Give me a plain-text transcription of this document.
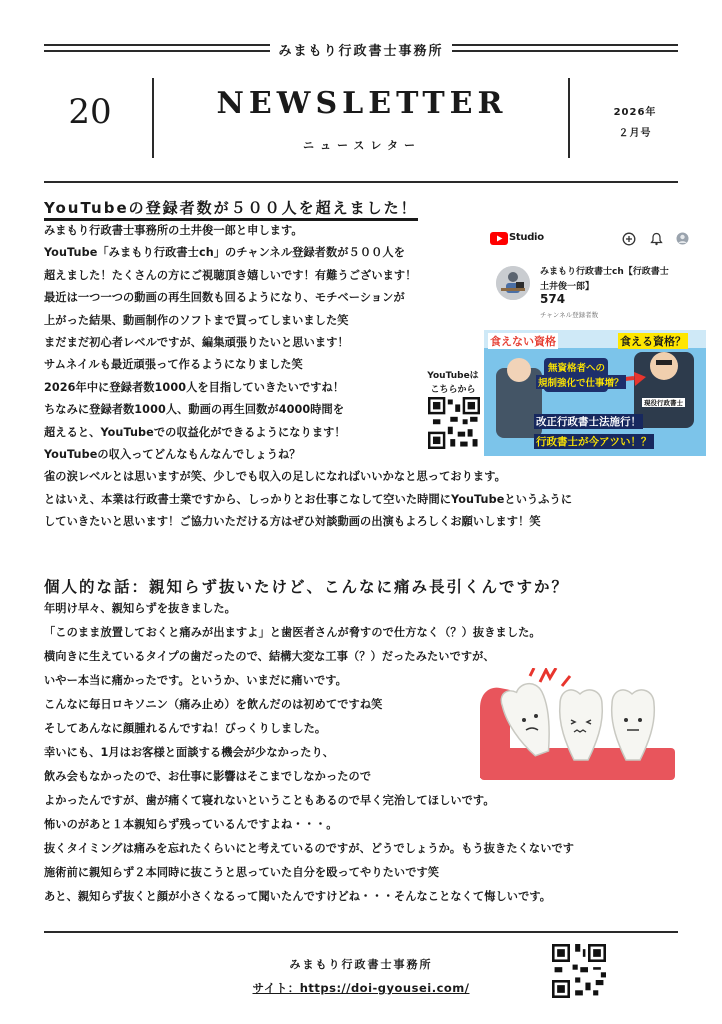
みまもり行政書士事務所
20	NEWSLETTER
ニュースレター
2026年
２月号
YouTubeの登録者数が５００人を超えました！
みまもり行政書士事務所の土井俊一郎と申します。
YouTube「みまもり行政書士ch」のチャンネル登録者数が５００人を
超えました！たくさんの方にご視聴頂き嬉しいです！有難うございます！
最近は一つ一つの動画の再生回数も回るようになり、モチベーションが
上がった結果、動画制作のソフトまで買ってしまいました笑
まだまだ初心者レベルですが、編集頑張りたいと思います！
サムネイルも最近頑張って作るようになりました笑
2026年中に登録者数1000人を目指していきたいですね！
ちなみに登録者数1000人、動画の再生回数が4000時間を
超えると、YouTubeでの収益化ができるようになります！
YouTubeの収入ってどんなもんなんでしょうね？
雀の涙レベルとは思いますが笑、少しでも収入の足しになればいいかなと思っております。
とはいえ、本業は行政書士業ですから、しっかりとお仕事こなして空いた時間にYouTubeというふうに
していきたいと思います！ご協力いただける方はぜひ対談動画の出演もよろしくお願いします！笑
Studio
みまもり行政書士ch【行政書士
土井俊一郎】
574
チャンネル登録者数
食えない資格	食える資格？
無資格者への
規制強化で仕事増？
現役行政書士
改正行政書士法施行！
行政書士が今アツい！？
YouTubeは
こちらから
個人的な話：親知らず抜いたけど、こんなに痛み長引くんですか？
年明け早々、親知らずを抜きました。
「このまま放置しておくと痛みが出ますよ」と歯医者さんが脅すので仕方なく（？）抜きました。
横向きに生えているタイプの歯だったので、結構大変な工事（？）だったみたいですが、
いやー本当に痛かったです。というか、いまだに痛いです。
こんなに毎日ロキソニン（痛み止め）を飲んだのは初めてですね笑
そしてあんなに顔腫れるんですね！びっくりしました。
幸いにも、1月はお客様と面談する機会が少なかったり、
飲み会もなかったので、お仕事に影響はそこまでしなかったので
よかったんですが、歯が痛くて寝れないということもあるので早く完治してほしいです。
怖いのがあと１本親知らず残っているんですよね・・・。
抜くタイミングは痛みを忘れたくらいにと考えているのですが、どうでしょうか。もう抜きたくないです
施術前に親知らず２本同時に抜こうと思っていた自分を殴ってやりたいです笑
あと、親知らず抜くと顔が小さくなるって聞いたんですけどね・・・そんなことなくて悔しいです。
みまもり行政書士事務所
サイト：https://doi-gyousei.com/
